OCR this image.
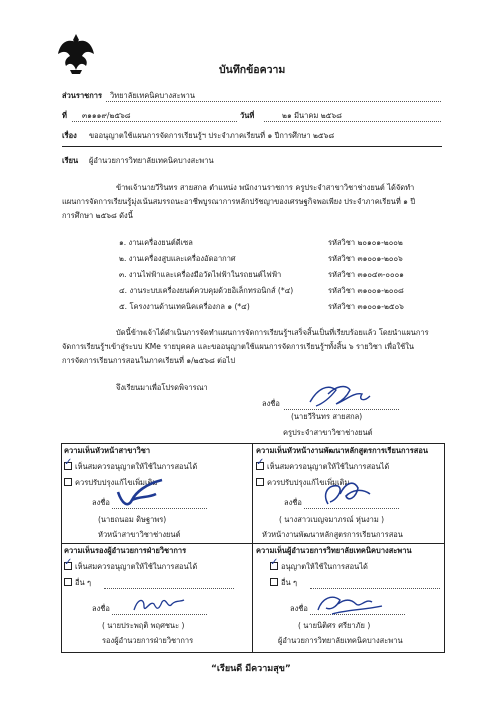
บันทึกข้อความ
ส่วนราชการ วิทยาลัยเทคนิคบางสะพาน
ที่ ๓๑๑๑๙/๒๕๖๘	วันที่	๒๑ มีนาคม ๒๕๖๘
เรื่อง ขออนุญาตใช้แผนการจัดการเรียนรู้ฯ ประจำภาคเรียนที่ ๑ ปีการศึกษา ๒๕๖๘
เรียน ผู้อำนวยการวิทยาลัยเทคนิคบางสะพาน
ข้าพเจ้านายวีรินทร สายสกล ตำแหน่ง พนักงานราชการ ครูประจำสาขาวิชาช่างยนต์ ได้จัดทำ
แผนการจัดการเรียนรู้มุ่งเน้นสมรรถนะอาชีพบูรณาการหลักปรัชญาของเศรษฐกิจพอเพียง ประจำภาคเรียนที่ ๑ ปี
การศึกษา ๒๕๖๘ ดังนี้
๑. งานเครื่องยนต์ดีเซล	รหัสวิชา ๒๐๑๐๑-๒๐๐๒
๒. งานเครื่องสูบและเครื่องอัดอากาศ	รหัสวิชา ๓๑๐๐๑-๒๐๐๖
๓. งานไฟฟ้าและเครื่องมือวัดไฟฟ้าในรถยนต์ไฟฟ้า	รหัสวิชา ๓๑๐๔๓-๐๐๐๑
๔. งานระบบเครื่องยนต์ควบคุมด้วยอิเล็กทรอนิกส์ (*๔)	รหัสวิชา ๓๑๐๐๑-๒๐๐๘
๕. โครงงานด้านเทคนิคเครื่องกล ๑ (*๔)	รหัสวิชา ๓๑๐๐๑-๒๕๐๖
บัดนี้ข้าพเจ้าได้ดำเนินการจัดทำแผนการจัดการเรียนรู้ฯเสร็จสิ้นเป็นที่เรียบร้อยแล้ว โดยนำแผนการ
จัดการเรียนรู้ฯเข้าสู่ระบบ KMe รายบุคคล และขออนุญาตใช้แผนการจัดการเรียนรู้ฯทั้งสิ้น ๖ รายวิชา เพื่อใช้ใน
การจัดการเรียนการสอนในภาคเรียนที่ ๑/๒๕๖๘ ต่อไป
จึงเรียนมาเพื่อโปรดพิจารณา
ลงชื่อ
(นายวีรินทร สายสกล)
ครูประจำสาขาวิชาช่างยนต์
ความเห็นหัวหน้าสาขาวิชา
✓ เห็นสมควรอนุญาตให้ใช้ในการสอนได้
ควรปรับปรุงแก้ไขเพิ่มเติม
ลงชื่อ
(นายถนอม ดิษฐาพร)
หัวหน้าสาขาวิชาช่างยนต์
ความเห็นหัวหน้างานพัฒนาหลักสูตรการเรียนการสอน
✓ เห็นสมควรอนุญาตให้ใช้ในการสอนได้
ควรปรับปรุงแก้ไขเพิ่มเติม
ลงชื่อ
( นางสาวเบญจมาภรณ์ หุ่นงาม )
หัวหน้างานพัฒนาหลักสูตรการเรียนการสอน
ความเห็นรองผู้อำนวยการฝ่ายวิชาการ
✓ เห็นสมควรอนุญาตให้ใช้ในการสอนได้
อื่น ๆ
ลงชื่อ
( นายประพฤติ พฤศชนะ )
รองผู้อำนวยการฝ่ายวิชาการ
ความเห็นผู้อำนวยการวิทยาลัยเทคนิคบางสะพาน
✓ อนุญาตให้ใช้ในการสอนได้
อื่น ๆ
ลงชื่อ
( นายนิติศร ศรียาภัย )
ผู้อำนวยการวิทยาลัยเทคนิคบางสะพาน
“เรียนดี มีความสุข”
